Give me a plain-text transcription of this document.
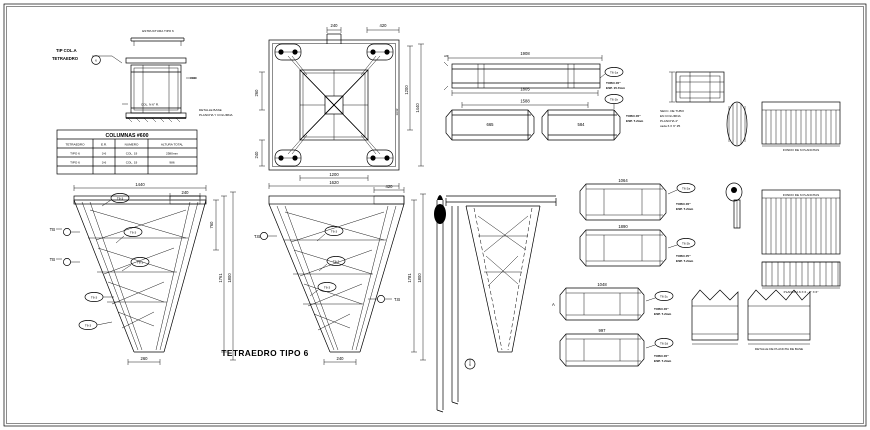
TIP COL.A
TETRAEDRO	6
ESTRUCTURA TIPO 6
#020
COL. N 6" R.
DETALLE BASE
PLANCHA Y COLUMNA
COLUMNAS #600
TETRAEDRO	E.R.	NUMERO	ALTURA TOTAL
TIPO 6	3-6	COL. 19	2580mm
TIPO 6	3-6	COL. 19	986
240	420
260
240
1200
1440
1632
1200
1620
1440
240
760
1761 1800
260
T6-3
T6-3
T6-3
T6-3
T6-3
TB
TB
420
1781 1800
240
T6-3
T6-3
T6-3
T.B
T.B
TETRAEDRO TIPO 6
1908
1805
1588
A6
T6-1a
TUBO #6"
ESP. 15.7mm
665	584
T6-1b
TUBO #6"
ESP. 7.2mm
SECC. DE TUBO
EN COLUMNA
PLANCHA 4"
cada 6 X 6" #5
FONDO DE 6 PLANCHAS
1064
T6-2a
TUBO #6"
ESP. 7.2mm
1890
T6-2b
TUBO #5"
ESP. 7.2mm
1048
T6-2c
TUBO #6"
ESP. 7.2mm
997
T6-2d
TUBO #6"
ESP. 7.2mm
A
6
FONDO DE 6 PLANCHAS
PLANCHA 6 X 6 - 4" X 6"
DETALLE DE PLANCHA DE BASE
